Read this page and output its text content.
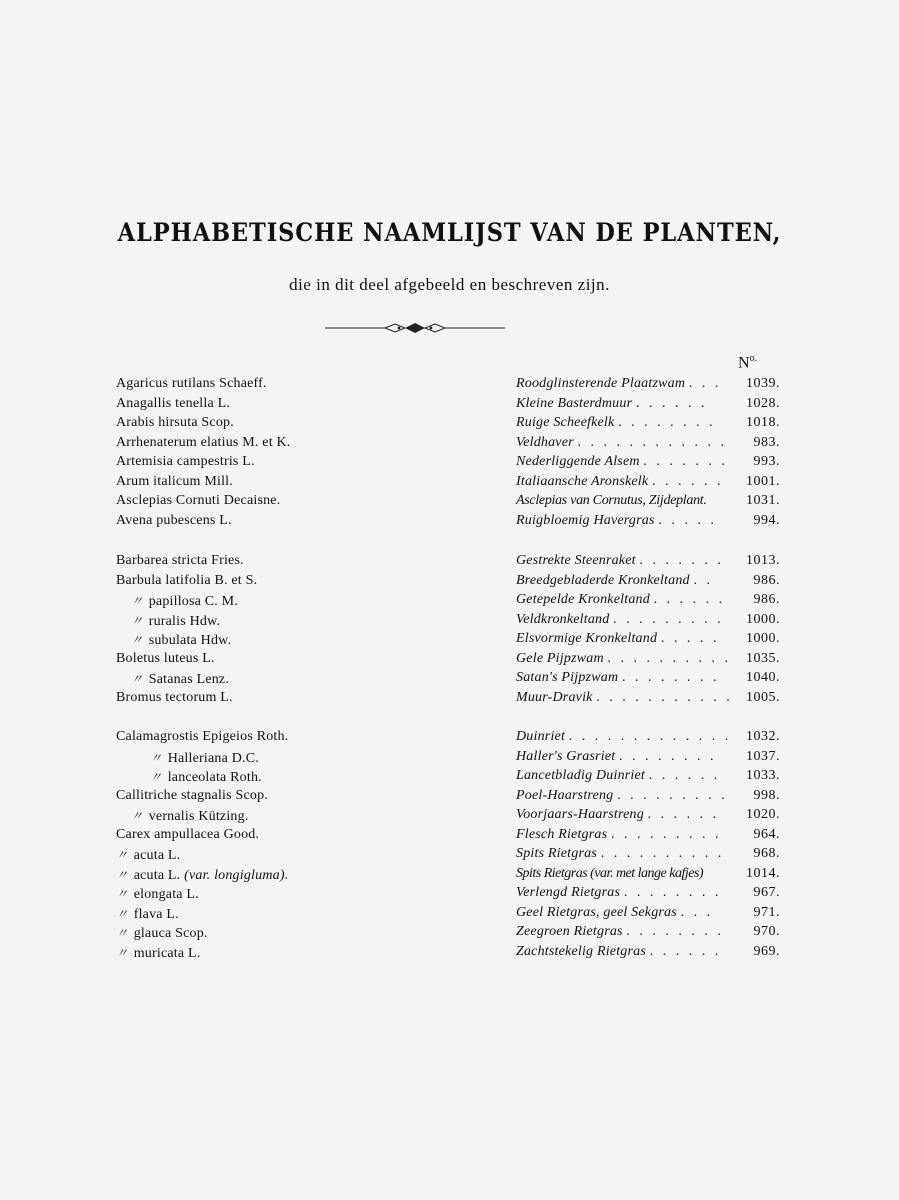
ALPHABETISCHE NAAMLIJST VAN DE PLANTEN,
die in dit deel afgebeeld en beschreven zijn.
$N^{o.}$
Agaricus rutilans Schaeff.	Roodglinsterende Plaatzwam . . . 1039.
Anagallis tenella L.	Kleine Basterdmuur . . . . . .	1028.
Arabis hirsuta Scop.	Ruige Scheefkelk . . . . . . . . 1018.
Arrhenaterum elatius M. et K.	Veldhaver . . . . . . . . . . . . 983.
Artemisia campestris L.	Nederliggende Alsem . . . . . . . 993.
Arum italicum Mill.	Italiaansche Aronskelk . . . . . . 1001.
Asclepias Cornuti Decaisne.	Asclepias van Cornutus, Zijdeplant.	1031.
Avena pubescens L.	Ruigbloemig Havergras . . . . .	994.
Barbarea stricta Fries.	Gestrekte Steenraket . . . . . . . 1013.
Barbula latifolia B. et S.	Breedgebladerde Kronkeltand . .	986.
〃 papillosa C. M.	Getepelde Kronkeltand . . . . . . 986.
〃 ruralis Hdw.	Veldkronkeltand . . . . . . . . . 1000.
〃 subulata Hdw.	Elsvormige Kronkeltand . . . . . 1000.
Boletus luteus L.	Gele Pijpzwam . . . . . . . . . . 1035.
〃 Satanas Lenz.	Satan's Pijpzwam . . . . . . . . 1040.
Bromus tectorum L.	Muur-Dravik . . . . . . . . . . . 1005.
Calamagrostis Epigeios Roth.	Duinriet . . . . . . . . . . . . . 1032.
〃 Halleriana D.C.	Haller's Grasriet . . . . . . . . 1037.
〃 lanceolata Roth.	Lancetbladig Duinriet . . . . . . 1033.
Callitriche stagnalis Scop.	Poel-Haarstreng . . . . . . . . . 998.
〃 vernalis Kützing.	Voorjaars-Haarstreng . . . . . . 1020.
Carex ampullacea Good.	Flesch Rietgras . . . . . . . . . 964.
〃 acuta L.	Spits Rietgras . . . . . . . . . . 968.
〃 acuta L. (var. longigluma).	Spits Rietgras (var. met lange kafjes)	1014.
〃 elongata L.	Verlengd Rietgras . . . . . . . . 967.
〃 flava L.	Geel Rietgras, geel Sekgras . . .	971.
〃 glauca Scop.	Zeegroen Rietgras . . . . . . . . 970.
〃 muricata L.	Zachtstekelig Rietgras . . . . . . 969.
